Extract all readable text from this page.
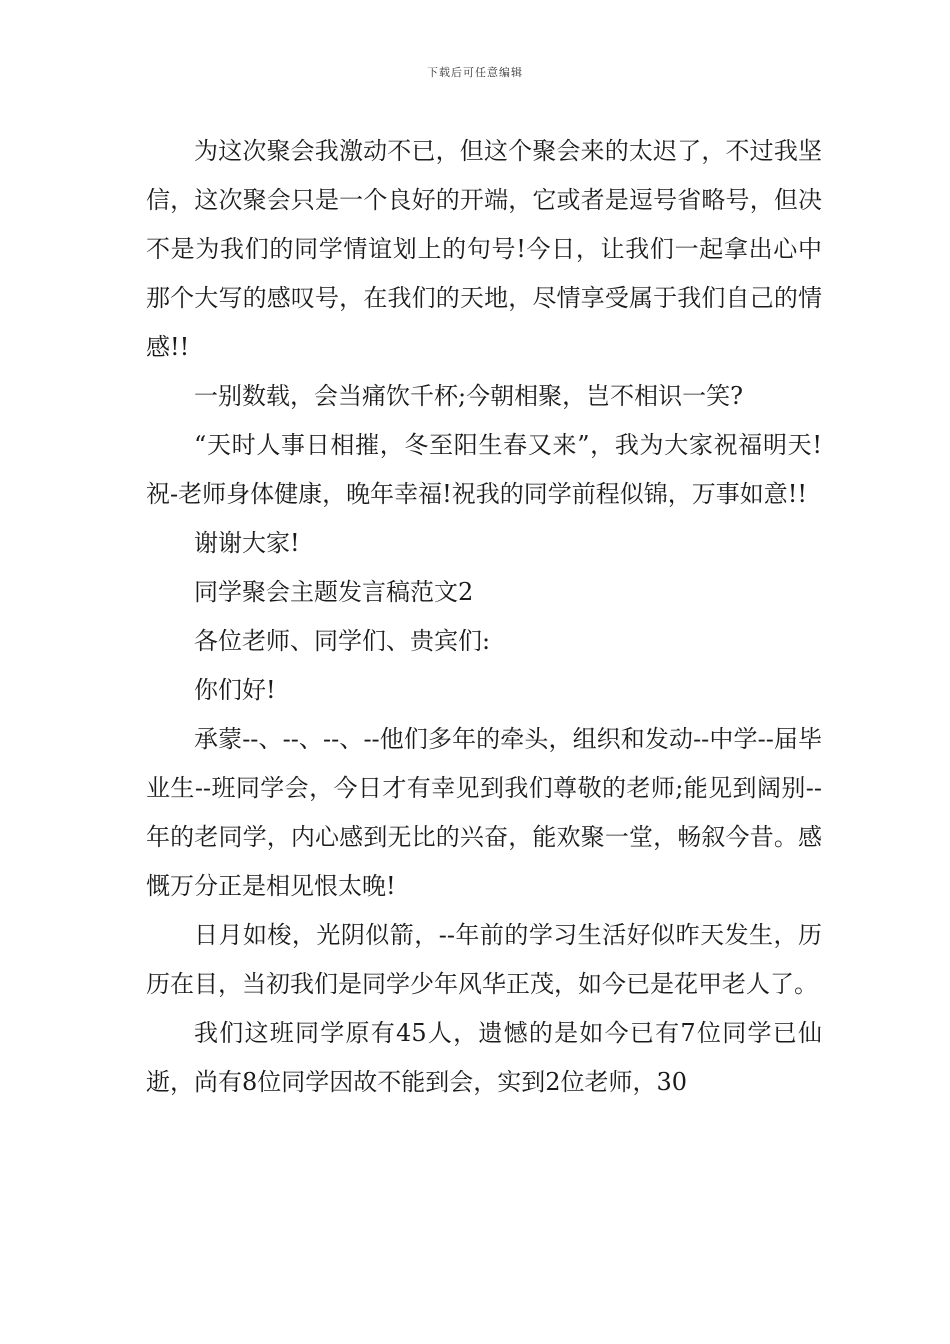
下载后可任意编辑

为这次聚会我激动不已，但这个聚会来的太迟了，不过我坚信，这次聚会只是一个良好的开端，它或者是逗号省略号，但决不是为我们的同学情谊划上的句号!今日，让我们一起拿出心中那个大写的感叹号，在我们的天地，尽情享受属于我们自己的情感!!

一别数载，会当痛饮千杯;今朝相聚，岂不相识一笑?

“天时人事日相摧，冬至阳生春又来”，我为大家祝福明天!祝-老师身体健康，晚年幸福!祝我的同学前程似锦，万事如意!!

谢谢大家!

同学聚会主题发言稿范文2

各位老师、同学们、贵宾们:

你们好!

承蒙--、--、--、--他们多年的牵头，组织和发动--中学--届毕业生--班同学会，今日才有幸见到我们尊敬的老师;能见到阔别--年的老同学，内心感到无比的兴奋，能欢聚一堂，畅叙今昔。感慨万分正是相见恨太晚!

日月如梭，光阴似箭，--年前的学习生活好似昨天发生，历历在目，当初我们是同学少年风华正茂，如今已是花甲老人了。

我们这班同学原有45人，遗憾的是如今已有7位同学已仙逝，尚有8位同学因故不能到会，实到2位老师，30
